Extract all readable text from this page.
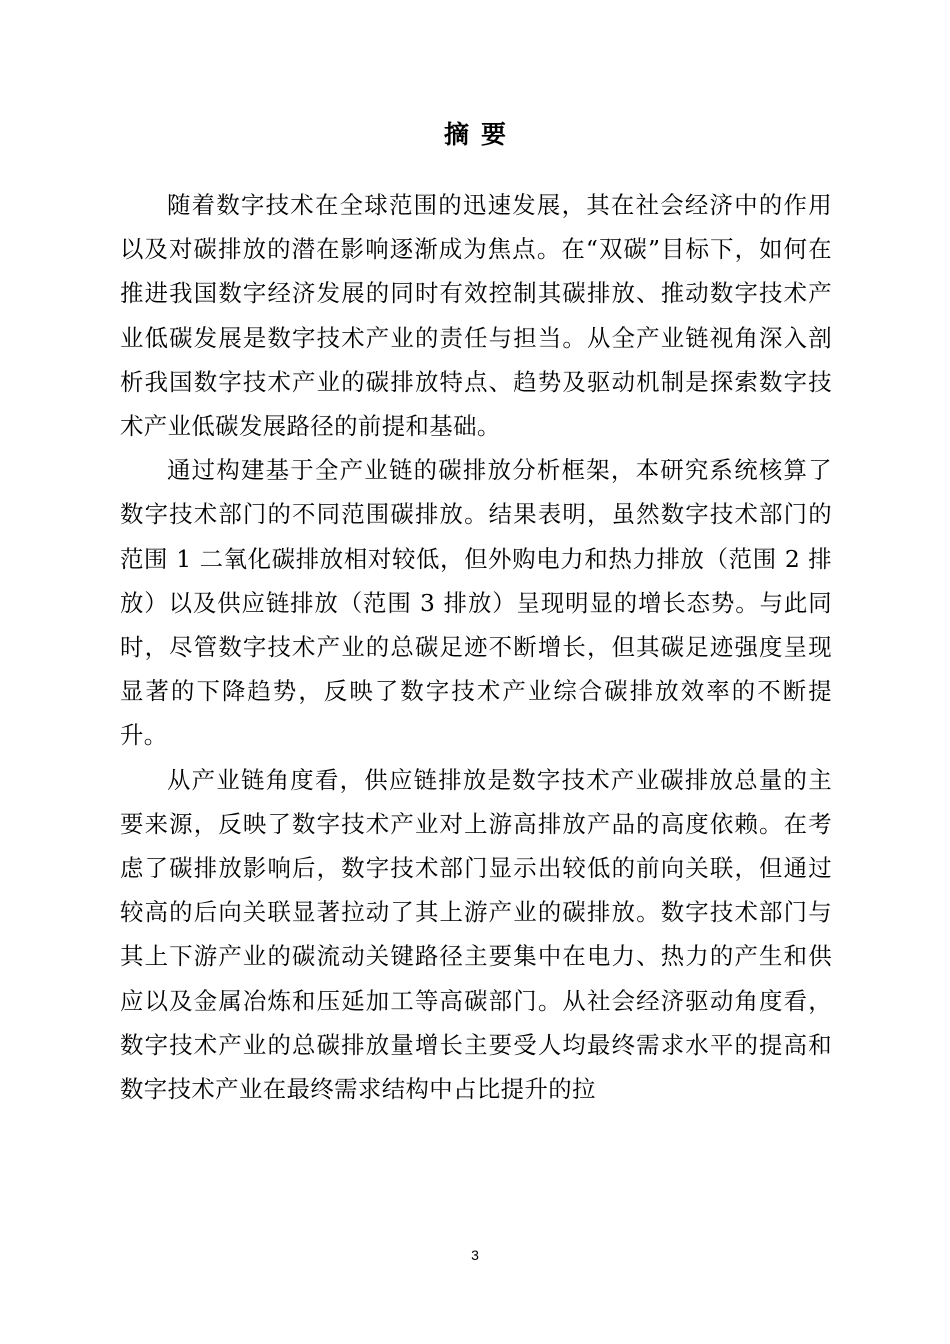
摘要

随着数字技术在全球范围的迅速发展，其在社会经济中的作用以及对碳排放的潜在影响逐渐成为焦点。在“双碳”目标下，如何在推进我国数字经济发展的同时有效控制其碳排放、推动数字技术产业低碳发展是数字技术产业的责任与担当。从全产业链视角深入剖析我国数字技术产业的碳排放特点、趋势及驱动机制是探索数字技术产业低碳发展路径的前提和基础。

通过构建基于全产业链的碳排放分析框架，本研究系统核算了数字技术部门的不同范围碳排放。结果表明，虽然数字技术部门的范围 1 二氧化碳排放相对较低，但外购电力和热力排放（范围 2 排放）以及供应链排放（范围 3 排放）呈现明显的增长态势。与此同时，尽管数字技术产业的总碳足迹不断增长，但其碳足迹强度呈现显著的下降趋势，反映了数字技术产业综合碳排放效率的不断提升。

从产业链角度看，供应链排放是数字技术产业碳排放总量的主要来源，反映了数字技术产业对上游高排放产品的高度依赖。在考虑了碳排放影响后，数字技术部门显示出较低的前向关联，但通过较高的后向关联显著拉动了其上游产业的碳排放。数字技术部门与其上下游产业的碳流动关键路径主要集中在电力、热力的产生和供应以及金属冶炼和压延加工等高碳部门。从社会经济驱动角度看，数字技术产业的总碳排放量增长主要受人均最终需求水平的提高和数字技术产业在最终需求结构中占比提升的拉

3
